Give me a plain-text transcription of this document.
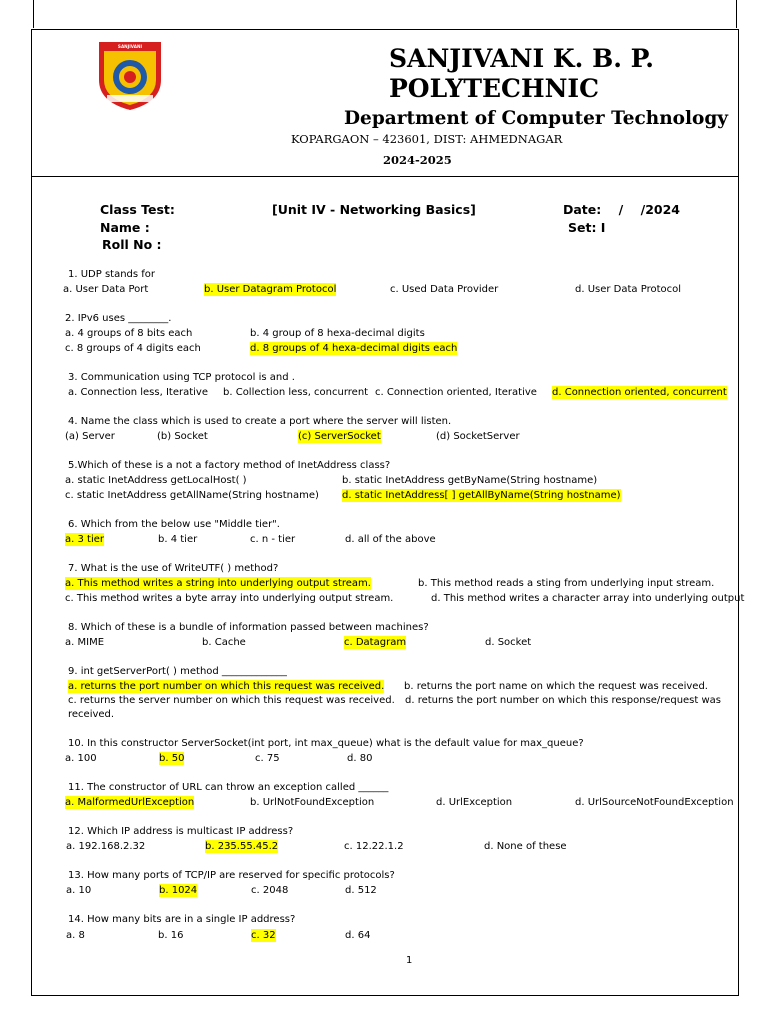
SANJIVANI	SANJIVANI K. B. P. POLYTECHNIC
Department of Computer Technology
KOPARGAON – 423601, DIST: AHMEDNAGAR
2024-2025
Class Test:	[Unit IV - Networking Basics]	Date:    /    /2024
Name :	Set: I
Roll No :
1. UDP stands for
a. User Data Port	b. User Datagram Protocol	c. Used Data Provider	d. User Data Protocol
2. IPv6 uses ________.
a. 4 groups of 8 bits each	b. 4 group of 8 hexa-decimal digits
c. 8 groups of 4 digits each	d. 8 groups of 4 hexa-decimal digits each
3. Communication using TCP protocol is and .
a. Connection less, Iterative b. Collection less, concurrent c. Connection oriented, Iterative d. Connection oriented, concurrent
4. Name the class which is used to create a port where the server will listen.
(a) Server	(b) Socket	(c) ServerSocket	(d) SocketServer
5.Which of these is a not a factory method of InetAddress class?
a. static InetAddress getLocalHost( )	b. static InetAddress getByName(String hostname)
c. static InetAddress getAllName(String hostname) d. static InetAddress[ ] getAllByName(String hostname)
6. Which from the below use "Middle tier".
a. 3 tier	b. 4 tier	c. n - tier	d. all of the above
7. What is the use of WriteUTF( ) method?
a. This method writes a string into underlying output stream.	b. This method reads a sting from underlying input stream.
c. This method writes a byte array into underlying output stream.	d. This method writes a character array into underlying output
8. Which of these is a bundle of information passed between machines?
a. MIME	b. Cache	c. Datagram	d. Socket
9. int getServerPort( ) method _____________
a. returns the port number on which this request was received. b. returns the port name on which the request was received.
c. returns the server number on which this request was received. d. returns the port number on which this response/request was
received.
10. In this constructor ServerSocket(int port, int max_queue) what is the default value for max_queue?
a. 100	b. 50	c. 75	d. 80
11. The constructor of URL can throw an exception called ______
a. MalformedUrlException	b. UrlNotFoundException	d. UrlException	d. UrlSourceNotFoundException
12. Which IP address is multicast IP address?
a. 192.168.2.32	b. 235.55.45.2	c. 12.22.1.2	d. None of these
13. How many ports of TCP/IP are reserved for specific protocols?
a. 10	b. 1024	c. 2048	d. 512
14. How many bits are in a single IP address?
a. 8	b. 16	c. 32	d. 64
1
